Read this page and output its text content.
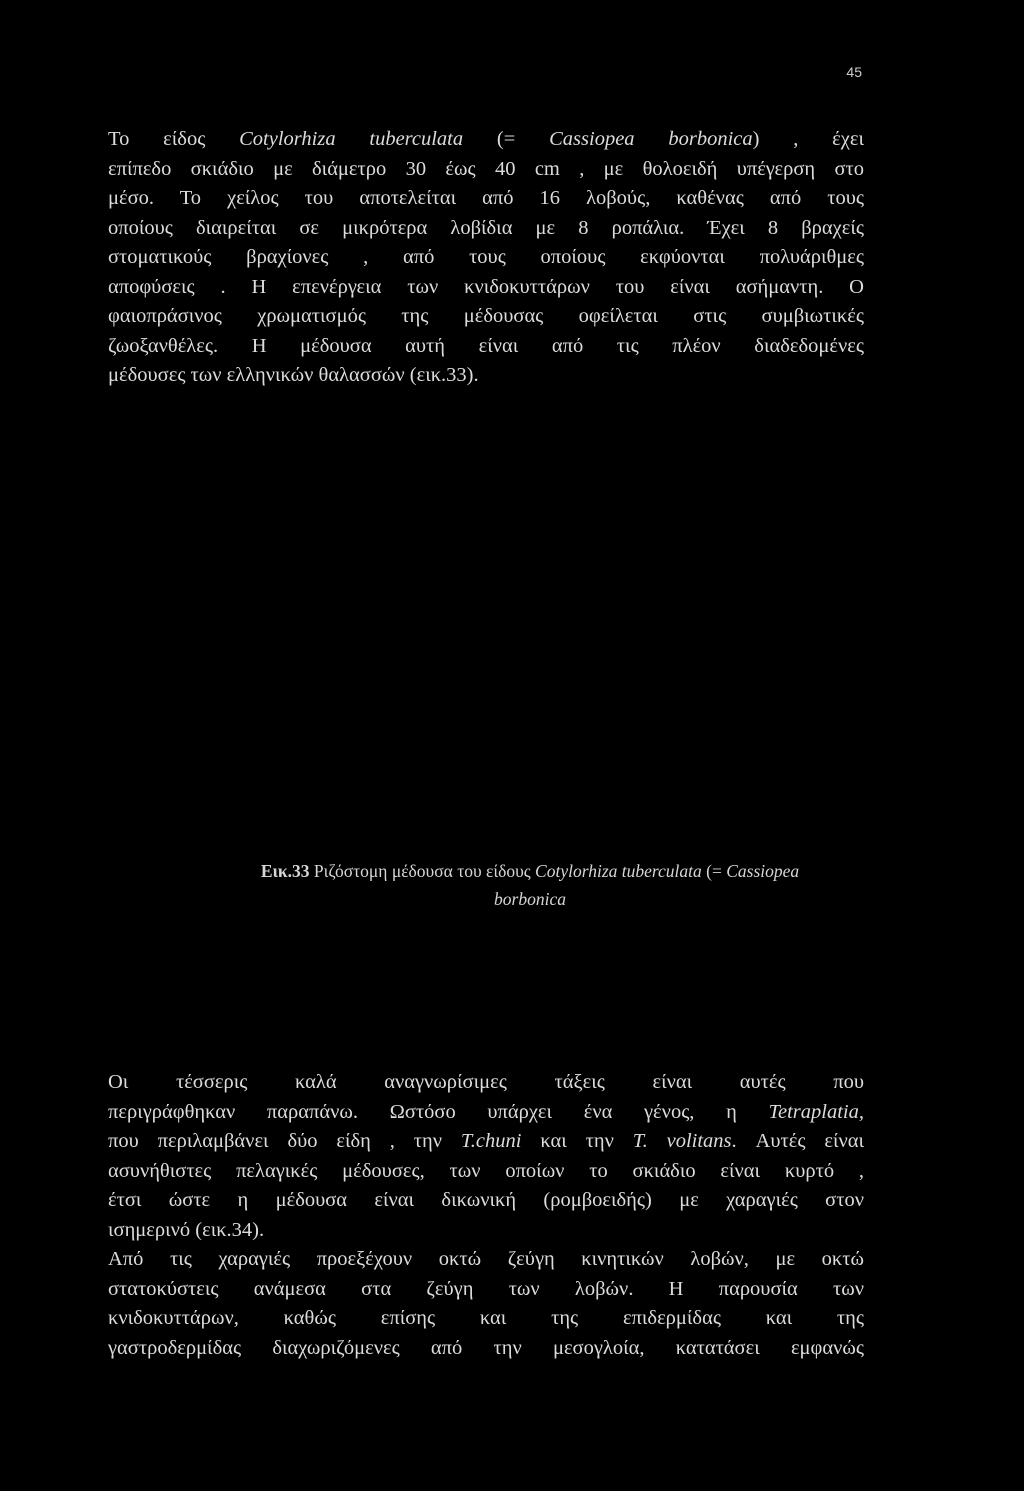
45
Το είδος Cotylorhiza tuberculata (= Cassiopea borbonica) , έχει
επίπεδο σκιάδιο με διάμετρο 30 έως 40 cm , με θολοειδή υπέγερση στο
μέσο. Το χείλος του αποτελείται από 16 λοβούς, καθένας από τους
οποίους διαιρείται σε μικρότερα λοβίδια με 8 ροπάλια. Έχει 8 βραχείς
στοματικούς βραχίονες , από τους οποίους εκφύονται πολυάριθμες
αποφύσεις . Η επενέργεια των κνιδοκυττάρων του είναι ασήμαντη. Ο
φαιοπράσινος χρωματισμός της μέδουσας οφείλεται στις συμβιωτικές
ζωοξανθέλες. Η μέδουσα αυτή είναι από τις πλέον διαδεδομένες
μέδουσες των ελληνικών θαλασσών (εικ.33).
Εικ.33 Ριζόστομη μέδουσα του είδους Cotylorhiza tuberculata (= Cassiopea
borbonica
Οι τέσσερις καλά αναγνωρίσιμες τάξεις είναι αυτές που
περιγράφθηκαν παραπάνω. Ωστόσο υπάρχει ένα γένος, η Tetraplatia,
που περιλαμβάνει δύο είδη , την T.chuni και την T. volitans. Αυτές είναι
ασυνήθιστες πελαγικές μέδουσες, των οποίων το σκιάδιο είναι κυρτό ,
έτσι ώστε η μέδουσα είναι δικωνική (ρομβοειδής) με χαραγιές στον
ισημερινό (εικ.34).
Από τις χαραγιές προεξέχουν οκτώ ζεύγη κινητικών λοβών, με οκτώ
στατοκύστεις ανάμεσα στα ζεύγη των λοβών. Η παρουσία των
κνιδοκυττάρων, καθώς επίσης και της επιδερμίδας και της
γαστροδερμίδας διαχωριζόμενες από την μεσογλοία, κατατάσει εμφανώς
